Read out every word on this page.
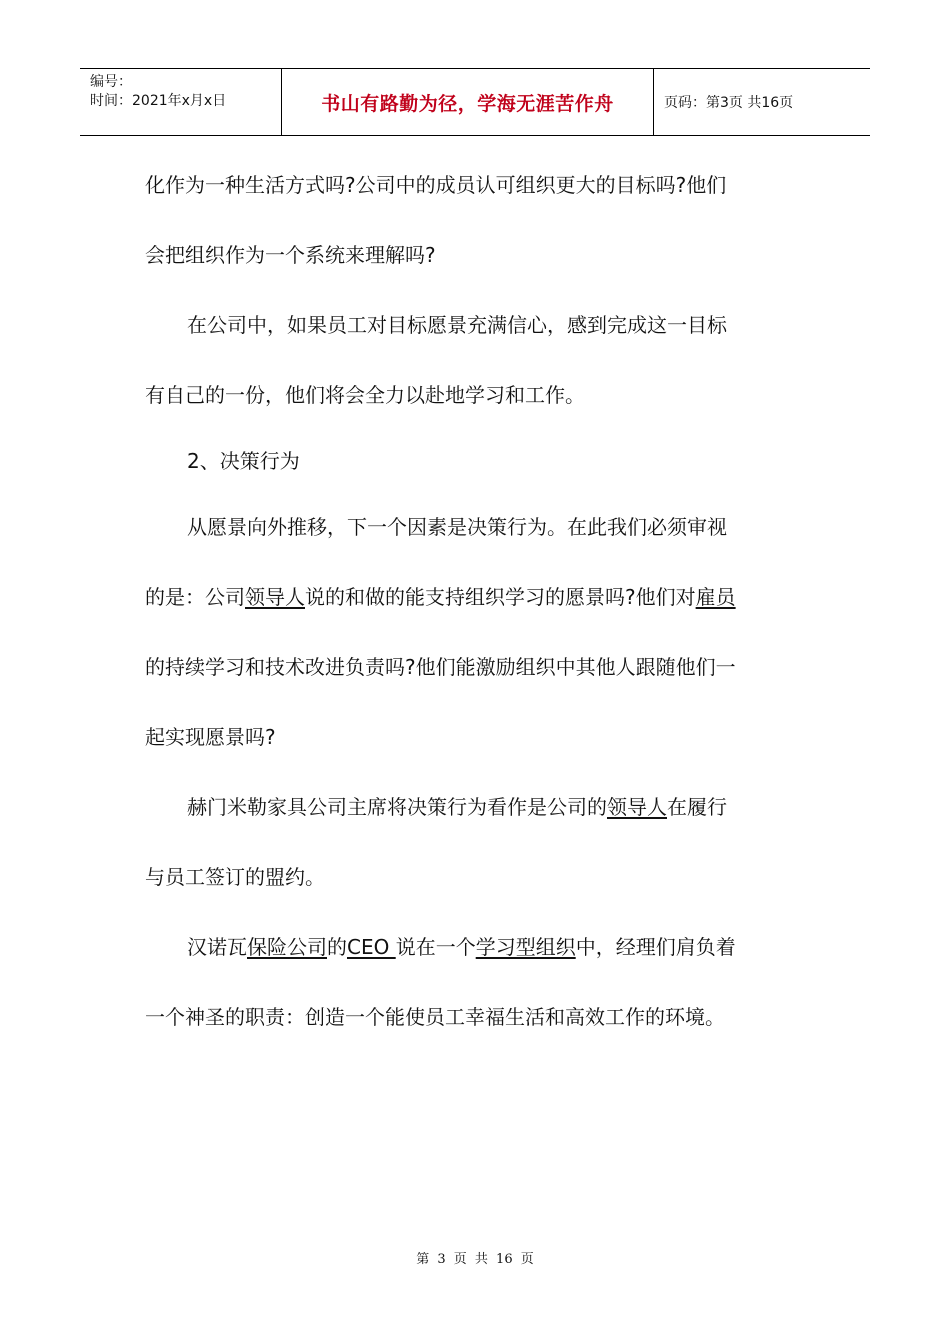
编号：
时间：2021年x月x日	书山有路勤为径，学海无涯苦作舟	页码：第3页 共16页
化作为一种生活方式吗?公司中的成员认可组织更大的目标吗?他们
会把组织作为一个系统来理解吗?
在公司中，如果员工对目标愿景充满信心，感到完成这一目标
有自己的一份，他们将会全力以赴地学习和工作。
2、决策行为
从愿景向外推移，下一个因素是决策行为。在此我们必须审视
的是：公司领导人说的和做的能支持组织学习的愿景吗?他们对雇员
的持续学习和技术改进负责吗?他们能激励组织中其他人跟随他们一
起实现愿景吗?
赫门米勒家具公司主席将决策行为看作是公司的领导人在履行
与员工签订的盟约。
汉诺瓦保险公司的CEO 说在一个学习型组织中，经理们肩负着
一个神圣的职责：创造一个能使员工幸福生活和高效工作的环境。
第 3 页 共 16 页
